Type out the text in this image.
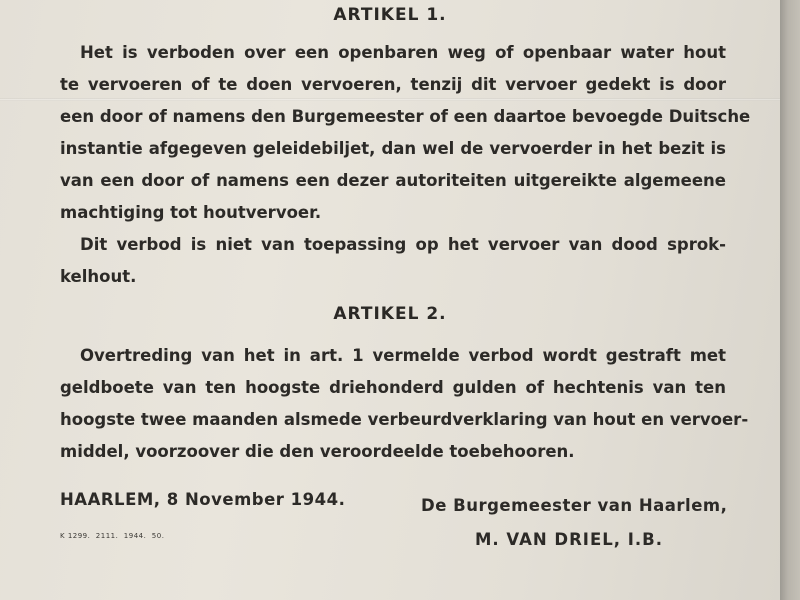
ARTIKEL 1.
Het is verboden over een openbaren weg of openbaar water hout
te vervoeren of te doen vervoeren, tenzij dit vervoer gedekt is door
een door of namens den Burgemeester of een daartoe bevoegde Duitsche
instantie afgegeven geleidebiljet, dan wel de vervoerder in het bezit is
van een door of namens een dezer autoriteiten uitgereikte algemeene
machtiging tot houtvervoer.
Dit verbod is niet van toepassing op het vervoer van dood sprok-
kelhout.
ARTIKEL 2.
Overtreding van het in art. 1 vermelde verbod wordt gestraft met
geldboete van ten hoogste driehonderd gulden of hechtenis van ten
hoogste twee maanden alsmede verbeurdverklaring van hout en vervoer-
middel, voorzoover die den veroordeelde toebehooren.
HAARLEM, 8 November 1944.	De Burgemeester van Haarlem,
M. VAN DRIEL, I.B.
K 1299.  2111.  1944.  50.
